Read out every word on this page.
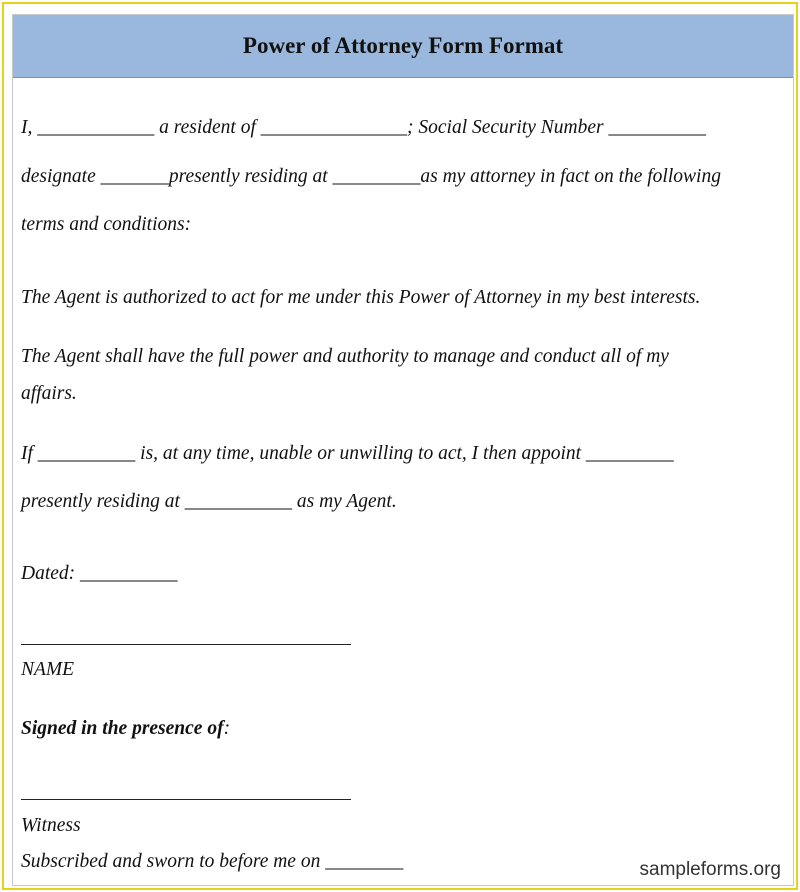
Power of Attorney Form Format
I, ____________ a resident of _______________; Social Security Number __________
designate _______presently residing at _________as my attorney in fact on the following
terms and conditions:
The Agent is authorized to act for me under this Power of Attorney in my best interests.
The Agent shall have the full power and authority to manage and conduct all of my
affairs.
If __________ is, at any time, unable or unwilling to act, I then appoint _________
presently residing at ___________ as my Agent.
Dated: __________
NAME
Signed in the presence of:
Witness
Subscribed and sworn to before me on ________	sampleforms.org
